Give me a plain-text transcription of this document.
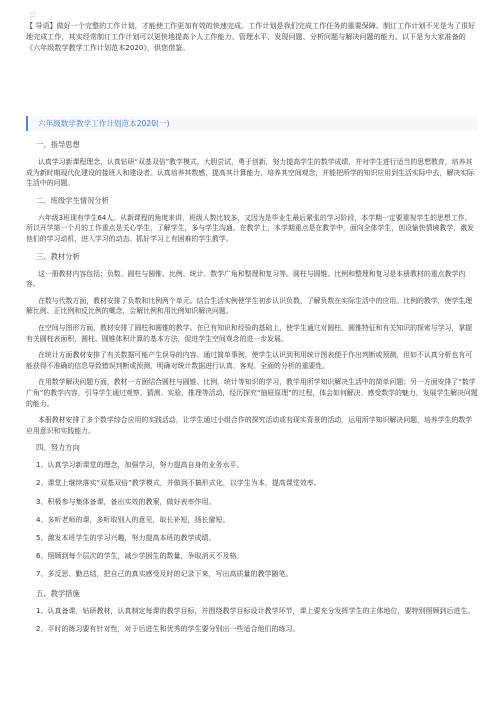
☐
【 导语】做好一个完整的工作计划，才能使工作更加有效的快速完成。工作计划是我们完成工作任务的重要保障。制订工作计划不光是为了很好地完成工作，其实经常制订工作计划可以更快地提高个人工作能力、管理水平、发现问题、分析问题与解决问题的能力。以下是为大家准备的《六年级数学教学工作计划范本2020》，供您借鉴。
六年级数学教学工作计划范本2020(一)
一、指导思想
认真学习新课程理念，认真钻研“双基双倍”教学模式，大胆尝试，勇于创新，努力提高学生的数学成绩，并对学生进行适当的思想教育，培养其成为新时期现代化建设的接班人和建设者。认真培养其数感，提高其计算能力，培养其空间观念，并能把所学的知识应用到生活实际中去，解决实际生活中的问题。
二、班级学生情况分析
六年级3班现有学生64人。从新课程的角度来讲，班级人数比较多，又因为是毕业生最后紧张的学习阶段，本学期一定要重视学生的思想工作。所以开学第一个月的工作重点是关心学生，了解学生，多与学生沟通。在教学上，本学期重点是在教学中，面向全体学生，创设愉快情境教学，激发他们的学习动机，进入学习的动态。抓好学习上有困难的学生教学。
三、教材分析
这一册教材内容包括：负数、圆柱与圆锥、比例、统计、数学广角和整理和复习等。圆柱与圆锥、比例和整理和复习是本册教材的重点教学内容。
在数与代数方面，教材安排了负数和比例两个单元。结合生活实例使学生初步认识负数，了解负数在实际生活中的应用。比例的教学，使学生理解比例、正比例和反比例的概念，会解比例和用比例知识解决问题。
在空间与图形方面，教材安排了圆柱和圆锥的教学。在已有知识和经验的基础上，使学生通过对圆柱、圆锥特征和有关知识的探索与学习，掌握有关圆柱表面积、圆柱、圆锥体积计算的基本方法，促进学生空间观念的进一步发展。
在统计方面教材安排了有关数据可能产生误导的内容。通过简单事例，使学生认识到利用统计图表便于作出判断或预测，但如不认真分析也有可能获得不准确的信息导致错误判断或预测，明确对统计数据进行认真、客观、全面的分析的重要性。
在用数学解决问题方面，教材一方面结合圆柱与圆锥、比例、统计等知识的学习，教学用所学知识解决生活中的简单问题；另一方面安排了“数学广角”的教学内容，引导学生通过观察、猜测、实验、推理等活动，经历探究“抽屉原理”的过程，体会如何解决、感受数学的魅力，发展学生解决问题的能力。
本册教材安排了多个数学综合应用的实践活动，让学生通过小组合作的探究活动或有现实背景的活动，运用所学知识解决问题，培养学生的数学应用意识和实践能力。
四、努力方向
1、认真学习新课堂的理念，加强学习，努力提高自身的业务水平。
2、课堂上继续落实“双基双倍”教学模式，并做到不搞形式化，以学生为本，提高课堂效率。
3、积极参与集体备课，备出实效的教案，做好表率作用。
4、多听老师的课，多听取别人的意见，取长补短，扬长避短。
5、激发本班学生的学习兴趣，努力提高本班的教学成绩。
6、照顾到每个层次的学生，减少学困生的数量，争取消灭不及格。
7、多反思、勤总结，把自己的真实感受及时的记录下来，写出高质量的教学随笔。
五、教学措施
1、认真备课，钻研教材，认真制定每课的教学目标，并围绕教学目标设计教学环节，课上要充分发挥学生的主体地位，要特别照顾到后进生。
2、平时的练习要有针对性，对于后进生和优秀的学生要分别出一些适合他们的练习。
